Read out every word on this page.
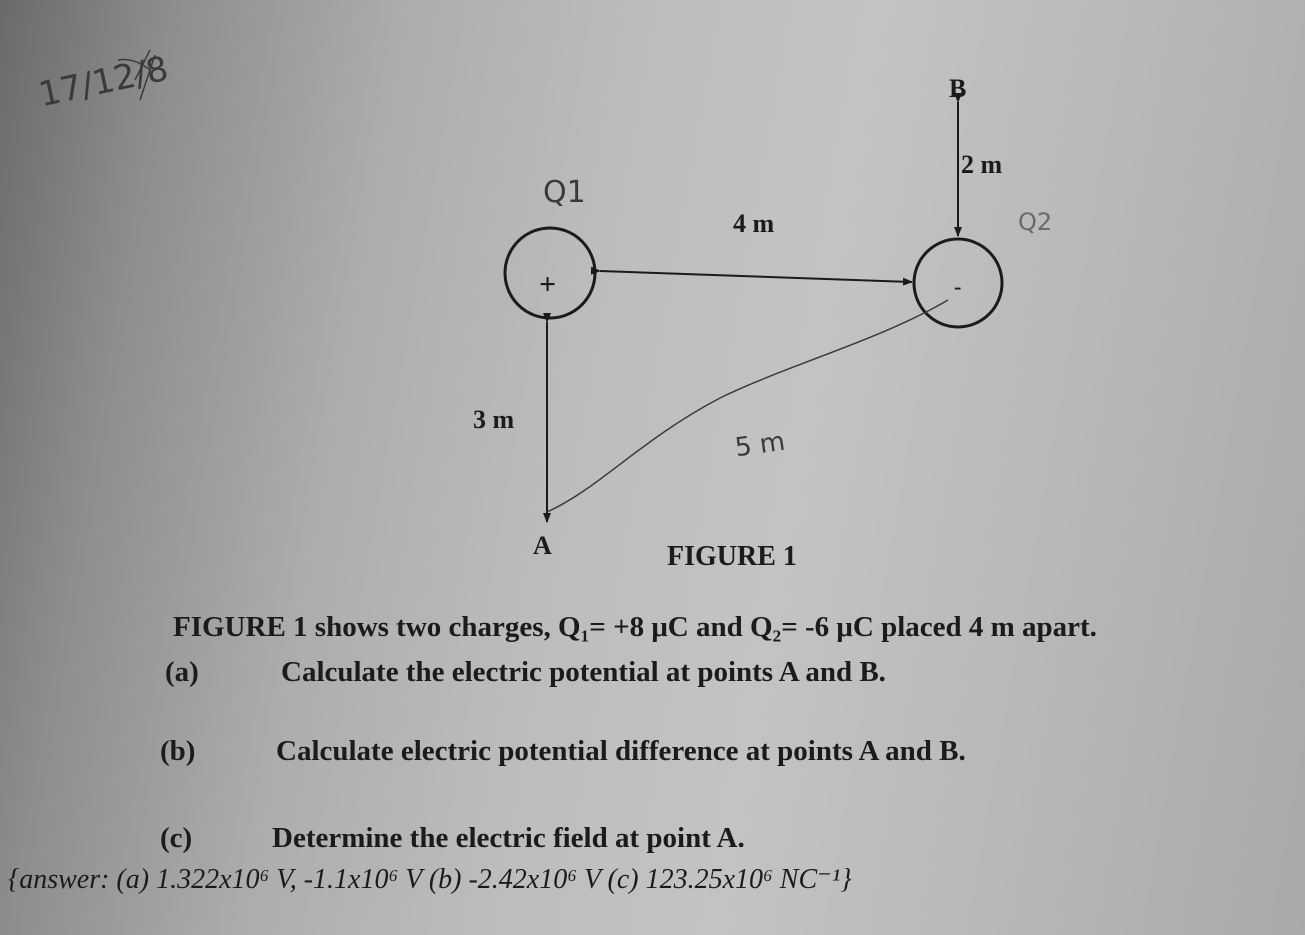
17/12/8
Q1
Q2
5 m
B
2 m
4 m
3 m
A
+	-
FIGURE 1
FIGURE 1 shows two charges, Q₁= +8 μC and Q₂= -6 μC placed 4 m apart.
(a)	Calculate the electric potential at points A and B.
(b)	Calculate electric potential difference at points A and B.
(c)	Determine the electric field at point A.
{answer: (a) 1.322x10⁶ V, -1.1x10⁶ V (b) -2.42x10⁶ V (c) 123.25x10⁶ NC⁻¹}
